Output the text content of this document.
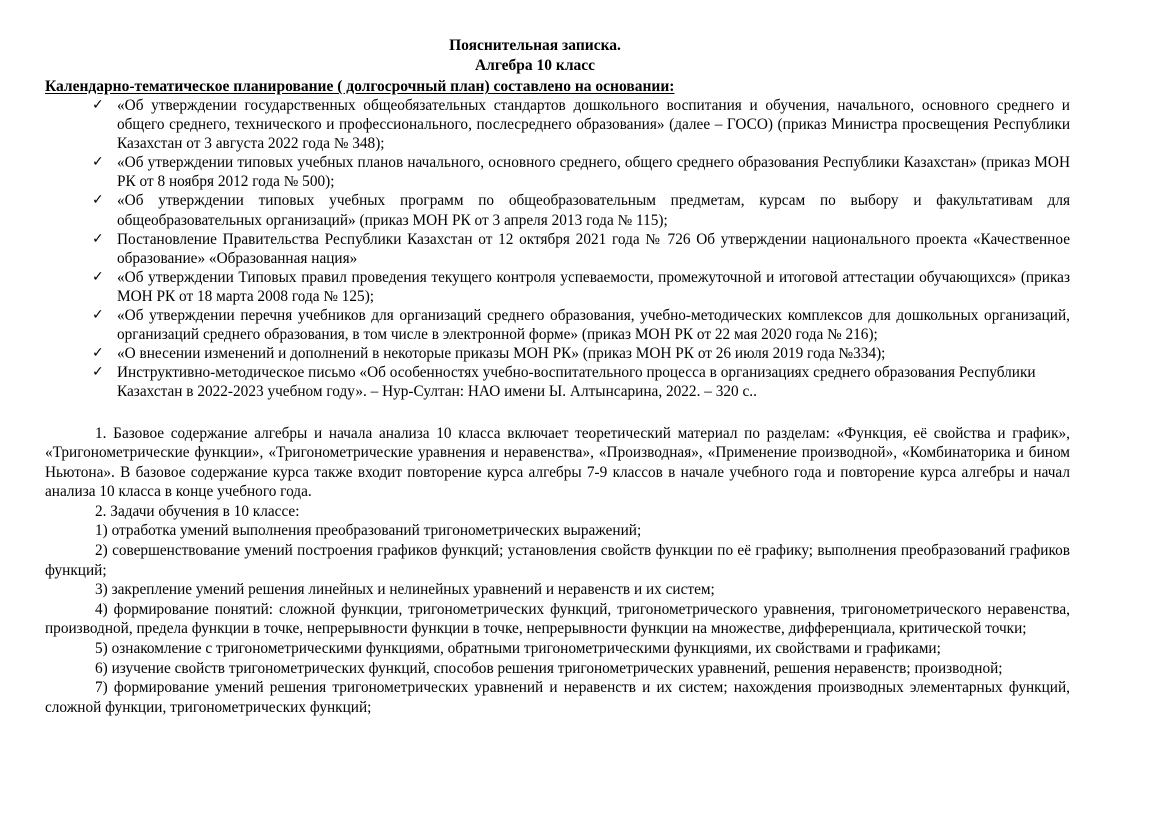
Пояснительная записка.
Алгебра 10 класс

Календарно-тематическое планирование ( долгосрочный план) составлено на основании:

✓ «Об утверждении государственных общеобязательных стандартов дошкольного воспитания и обучения, начального, основного среднего и общего среднего, технического и профессионального, послесреднего образования» (далее – ГОСО) (приказ Министра просвещения Республики Казахстан от 3 августа 2022 года № 348);
✓ «Об утверждении типовых учебных планов начального, основного среднего, общего среднего образования Республики Казахстан» (приказ МОН РК от 8 ноября 2012 года № 500);
✓ «Об утверждении типовых учебных программ по общеобразовательным предметам, курсам по выбору и факультативам для общеобразовательных организаций» (приказ МОН РК от 3 апреля 2013 года № 115);
✓ Постановление Правительства Республики Казахстан от 12 октября 2021 года № 726 Об утверждении национального проекта «Качественное образование» «Образованная нация»
✓ «Об утверждении Типовых правил проведения текущего контроля успеваемости, промежуточной и итоговой аттестации обучающихся» (приказ МОН РК от 18 марта 2008 года № 125);
✓ «Об утверждении перечня учебников для организаций среднего образования, учебно-методических комплексов для дошкольных организаций, организаций среднего образования, в том числе в электронной форме» (приказ МОН РК от 22 мая 2020 года № 216);
✓ «О внесении изменений и дополнений в некоторые приказы МОН РК» (приказ МОН РК от 26 июля 2019 года №334);
✓ Инструктивно-методическое письмо «Об особенностях учебно-воспитательного процесса в организациях среднего образования Республики Казахстан в 2022-2023 учебном году». – Нур-Султан: НАО имени Ы. Алтынсарина, 2022. – 320 с..

1. Базовое содержание алгебры и начала анализа 10 класса включает теоретический материал по разделам: «Функция, её свойства и график», «Тригонометрические функции», «Тригонометрические уравнения и неравенства», «Производная», «Применение производной», «Комбинаторика и бином Ньютона». В базовое содержание курса также входит повторение курса алгебры 7-9 классов в начале учебного года и повторение курса алгебры и начал анализа 10 класса в конце учебного года.

2. Задачи обучения в 10 классе:

1) отработка умений выполнения преобразований тригонометрических выражений;

2) совершенствование умений построения графиков функций; установления свойств функции по её графику; выполнения преобразований графиков функций;

3) закрепление умений решения линейных и нелинейных уравнений и неравенств и их систем;

4) формирование понятий: сложной функции, тригонометрических функций, тригонометрического уравнения, тригонометрического неравенства, производной, предела функции в точке, непрерывности функции в точке, непрерывности функции на множестве, дифференциала, критической точки;

5) ознакомление с тригонометрическими функциями, обратными тригонометрическими функциями, их свойствами и графиками;

6) изучение свойств тригонометрических функций, способов решения тригонометрических уравнений, решения неравенств; производной;

7) формирование умений решения тригонометрических уравнений и неравенств и их систем; нахождения производных элементарных функций, сложной функции, тригонометрических функций;
